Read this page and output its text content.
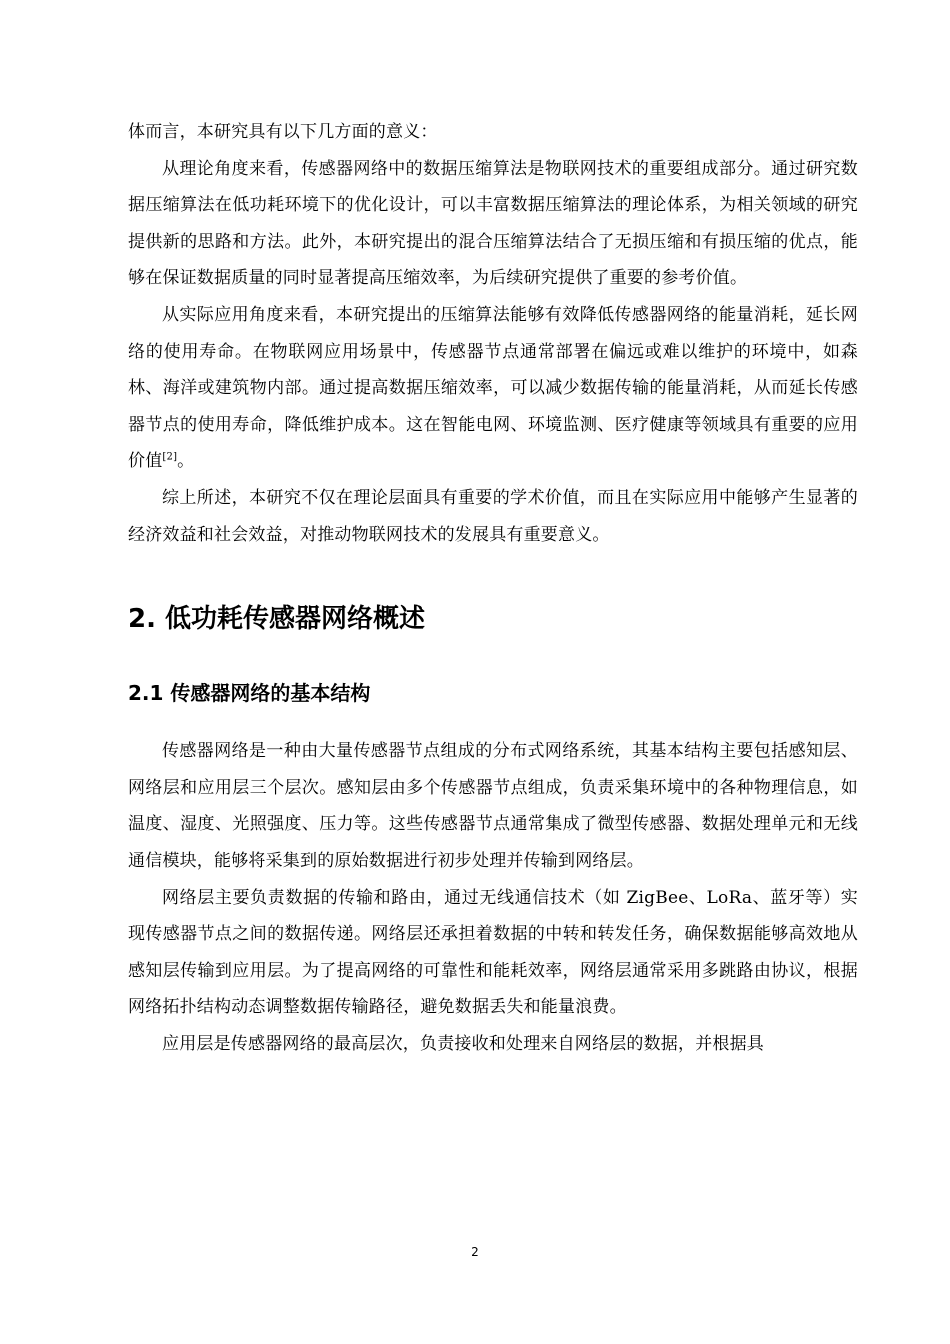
体而言，本研究具有以下几方面的意义：

从理论角度来看，传感器网络中的数据压缩算法是物联网技术的重要组成部分。通过研究数据压缩算法在低功耗环境下的优化设计，可以丰富数据压缩算法的理论体系，为相关领域的研究提供新的思路和方法。此外，本研究提出的混合压缩算法结合了无损压缩和有损压缩的优点，能够在保证数据质量的同时显著提高压缩效率，为后续研究提供了重要的参考价值。

从实际应用角度来看，本研究提出的压缩算法能够有效降低传感器网络的能量消耗，延长网络的使用寿命。在物联网应用场景中，传感器节点通常部署在偏远或难以维护的环境中，如森林、海洋或建筑物内部。通过提高数据压缩效率，可以减少数据传输的能量消耗，从而延长传感器节点的使用寿命，降低维护成本。这在智能电网、环境监测、医疗健康等领域具有重要的应用价值[2]。

综上所述，本研究不仅在理论层面具有重要的学术价值，而且在实际应用中能够产生显著的经济效益和社会效益，对推动物联网技术的发展具有重要意义。

2. 低功耗传感器网络概述
2.1 传感器网络的基本结构

传感器网络是一种由大量传感器节点组成的分布式网络系统，其基本结构主要包括感知层、网络层和应用层三个层次。感知层由多个传感器节点组成，负责采集环境中的各种物理信息，如温度、湿度、光照强度、压力等。这些传感器节点通常集成了微型传感器、数据处理单元和无线通信模块，能够将采集到的原始数据进行初步处理并传输到网络层。

网络层主要负责数据的传输和路由，通过无线通信技术（如 ZigBee、LoRa、蓝牙等）实现传感器节点之间的数据传递。网络层还承担着数据的中转和转发任务，确保数据能够高效地从感知层传输到应用层。为了提高网络的可靠性和能耗效率，网络层通常采用多跳路由协议，根据网络拓扑结构动态调整数据传输路径，避免数据丢失和能量浪费。

应用层是传感器网络的最高层次，负责接收和处理来自网络层的数据，并根据具

2
